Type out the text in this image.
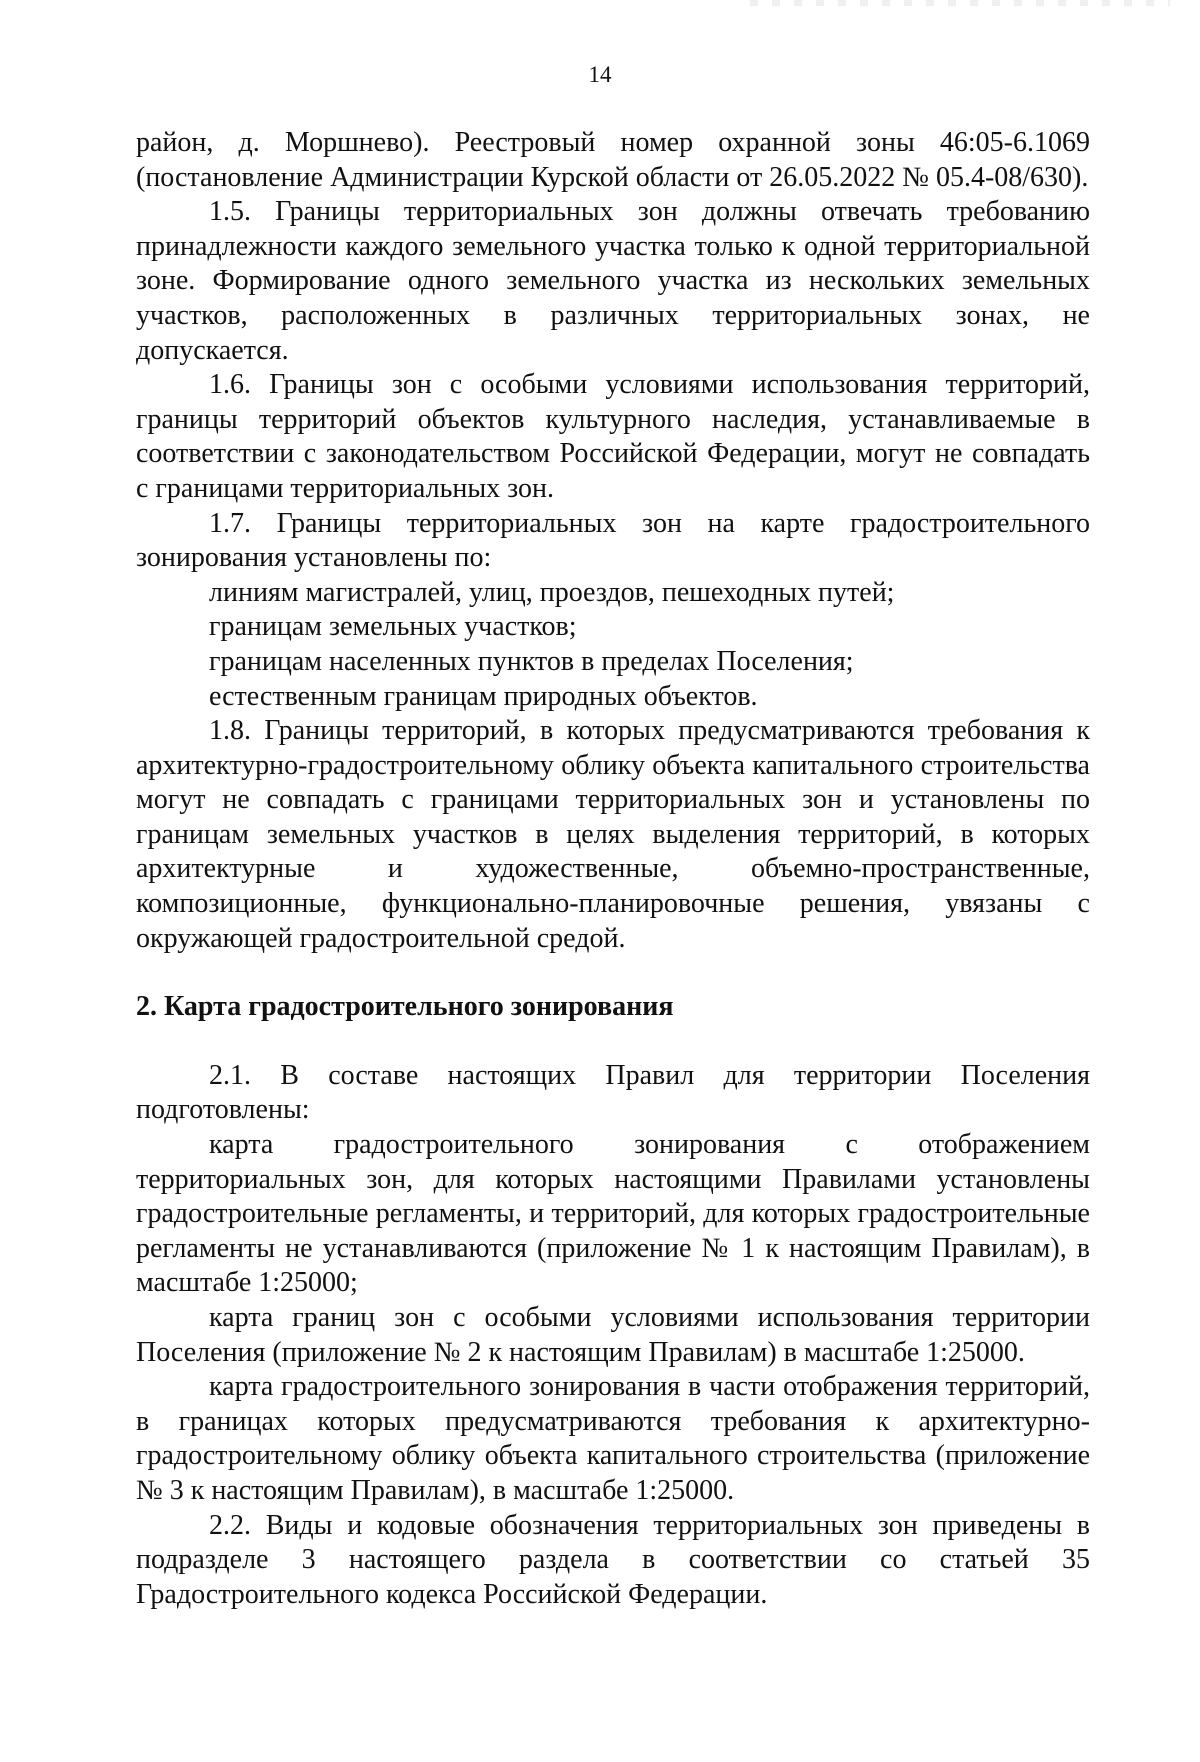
14

район, д. Моршнево). Реестровый номер охранной зоны 46:05-6.1069 (постановление Администрации Курской области от 26.05.2022 № 05.4-08/630).

1.5. Границы территориальных зон должны отвечать требованию принадлежности каждого земельного участка только к одной территориальной зоне. Формирование одного земельного участка из нескольких земельных участков, расположенных в различных территориальных зонах, не допускается.

1.6. Границы зон с особыми условиями использования территорий, границы территорий объектов культурного наследия, устанавливаемые в соответствии с законодательством Российской Федерации, могут не совпадать с границами территориальных зон.

1.7. Границы территориальных зон на карте градостроительного зонирования установлены по:

линиям магистралей, улиц, проездов, пешеходных путей;

границам земельных участков;

границам населенных пунктов в пределах Поселения;

естественным границам природных объектов.

1.8. Границы территорий, в которых предусматриваются требования к архитектурно-градостроительному облику объекта капитального строительства могут не совпадать с границами территориальных зон и установлены по границам земельных участков в целях выделения территорий, в которых архитектурные и художественные, объемно-пространственные, композиционные, функционально-планировочные решения, увязаны с окружающей градостроительной средой.

2. Карта градостроительного зонирования

2.1. В составе настоящих Правил для территории Поселения подготовлены:

карта градостроительного зонирования с отображением территориальных зон, для которых настоящими Правилами установлены градостроительные регламенты, и территорий, для которых градостроительные регламенты не устанавливаются (приложение № 1 к настоящим Правилам), в масштабе 1:25000;

карта границ зон с особыми условиями использования территории Поселения (приложение № 2 к настоящим Правилам) в масштабе 1:25000.

карта градостроительного зонирования в части отображения территорий, в границах которых предусматриваются требования к архитектурно-градостроительному облику объекта капитального строительства (приложение № 3 к настоящим Правилам), в масштабе 1:25000.

2.2. Виды и кодовые обозначения территориальных зон приведены в подразделе 3 настоящего раздела в соответствии со статьей 35 Градостроительного кодекса Российской Федерации.
